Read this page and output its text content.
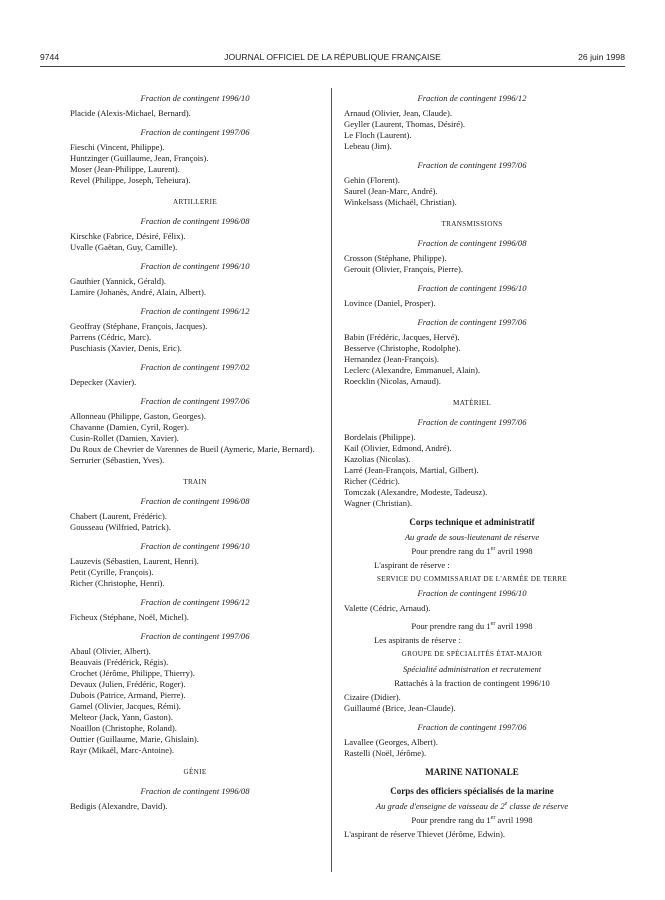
9744	JOURNAL OFFICIEL DE LA RÉPUBLIQUE FRANÇAISE	26 juin 1998
Fraction de contingent 1996/10
Placide (Alexis-Michael, Bernard).
Fraction de contingent 1997/06
Fieschi (Vincent, Philippe).
Huntzinger (Guillaume, Jean, François).
Moser (Jean-Philippe, Laurent).
Revel (Philippe, Joseph, Teheiura).
ARTILLERIE
Fraction de contingent 1996/08
Kirschke (Fabrice, Désiré, Félix).
Uvalle (Gaëtan, Guy, Camille).
Fraction de contingent 1996/10
Gauthier (Yannick, Gérald).
Lamire (Johanès, André, Alain, Albert).
Fraction de contingent 1996/12
Geoffray (Stéphane, François, Jacques).
Parrens (Cédric, Marc).
Puschiasis (Xavier, Denis, Eric).
Fraction de contingent 1997/02
Depecker (Xavier).
Fraction de contingent 1997/06
Allonneau (Philippe, Gaston, Georges).
Chavanne (Damien, Cyril, Roger).
Cusin-Rollet (Damien, Xavier).
Du Roux de Chevrier de Varennes de Bueil (Aymeric, Marie, Bernard).
Serrurier (Sébastien, Yves).
TRAIN
Fraction de contingent 1996/08
Chabert (Laurent, Frédéric).
Gousseau (Wilfried, Patrick).
Fraction de contingent 1996/10
Lauzevis (Sébastien, Laurent, Henri).
Petit (Cyrille, François).
Richer (Christophe, Henri).
Fraction de contingent 1996/12
Ficheux (Stéphane, Noël, Michel).
Fraction de contingent 1997/06
Abaul (Olivier, Albert).
Beauvais (Frédérick, Régis).
Crochet (Jérôme, Philippe, Thierry).
Devaux (Julien, Frédéric, Roger).
Dubois (Patrice, Armand, Pierre).
Gamel (Olivier, Jacques, Rémi).
Melteor (Jack, Yann, Gaston).
Noaillon (Christophe, Roland).
Outtier (Guillaume, Marie, Ghislain).
Rayr (Mikaël, Marc-Antoine).
GÉNIE
Fraction de contingent 1996/08
Bedigis (Alexandre, David).
Fraction de contingent 1996/12
Arnaud (Olivier, Jean, Claude).
Geyller (Laurent, Thomas, Désiré).
Le Floch (Laurent).
Lebeau (Jim).
Fraction de contingent 1997/06
Gehin (Florent).
Saurel (Jean-Marc, André).
Winkelsass (Michaël, Christian).
TRANSMISSIONS
Fraction de contingent 1996/08
Crosson (Stéphane, Philippe).
Gerouit (Olivier, François, Pierre).
Fraction de contingent 1996/10
Lovince (Daniel, Prosper).
Fraction de contingent 1997/06
Babin (Frédéric, Jacques, Hervé).
Besserve (Christophe, Rodolphe).
Hernandez (Jean-François).
Leclerc (Alexandre, Emmanuel, Alain).
Roecklin (Nicolas, Arnaud).
MATÉRIEL
Fraction de contingent 1997/06
Bordelais (Philippe).
Kail (Olivier, Edmond, André).
Kazolias (Nicolas).
Larré (Jean-François, Martial, Gilbert).
Richer (Cédric).
Tomczak (Alexandre, Modeste, Tadeusz).
Wagner (Christian).
Corps technique et administratif
Au grade de sous-lieutenant de réserve
Pour prendre rang du 1er avril 1998
L'aspirant de réserve :
SERVICE DU COMMISSARIAT DE L'ARMÉE DE TERRE
Fraction de contingent 1996/10
Valette (Cédric, Arnaud).
Pour prendre rang du 1er avril 1998
Les aspirants de réserve :
GROUPE DE SPÉCIALITÉS ÉTAT-MAJOR
Spécialité administration et recrutement
Rattachés à la fraction de contingent 1996/10
Cizaire (Didier).
Guillaumé (Brice, Jean-Claude).
Fraction de contingent 1997/06
Lavallee (Georges, Albert).
Rastelli (Noël, Jérôme).
MARINE NATIONALE
Corps des officiers spécialisés de la marine
Au grade d'enseigne de vaisseau de 2e classe de réserve
Pour prendre rang du 1er avril 1998
L'aspirant de réserve Thievet (Jérôme, Edwin).
